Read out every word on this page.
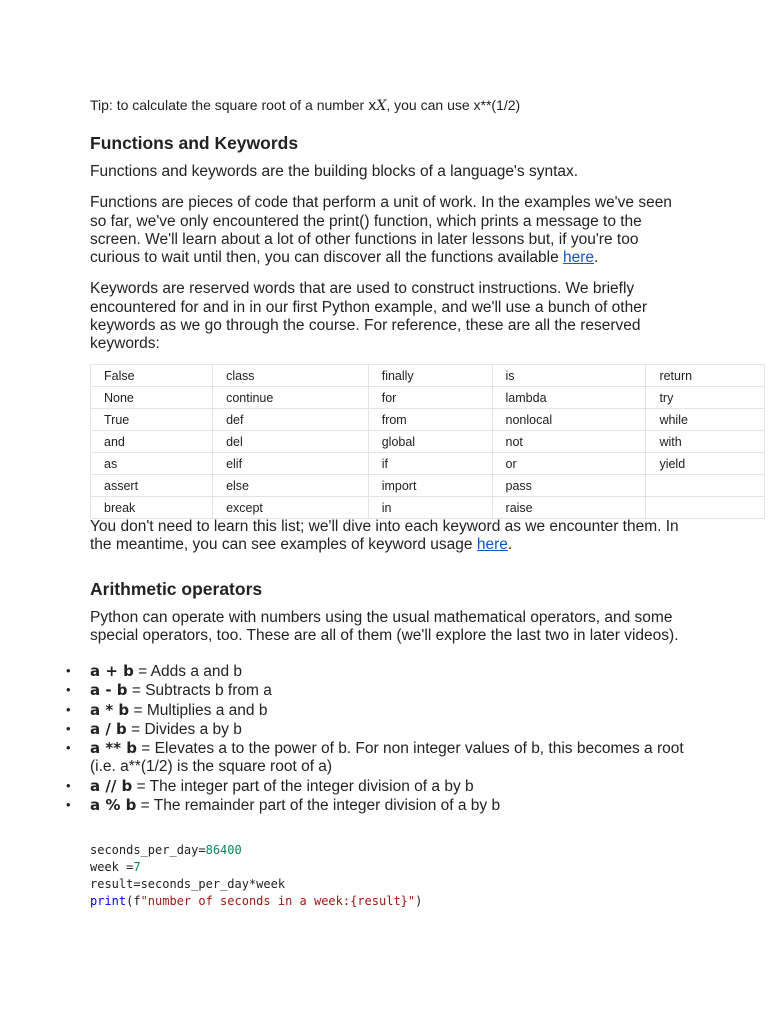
Tip: to calculate the square root of a number xX, you can use x**(1/2)

Functions and Keywords

Functions and keywords are the building blocks of a language's syntax.

Functions are pieces of code that perform a unit of work. In the examples we've seen so far, we've only encountered the print() function, which prints a message to the screen. We'll learn about a lot of other functions in later lessons but, if you're too curious to wait until then, you can discover all the functions available here.

Keywords are reserved words that are used to construct instructions. We briefly encountered for and in in our first Python example, and we'll use a bunch of other keywords as we go through the course. For reference, these are all the reserved keywords:

False	class	finally	is	return
None	continue	for	lambda	try
True	def	from	nonlocal	while
and	del	global	not	with
as	elif	if	or	yield
assert	else	import	pass	
break	except	in	raise	

You don't need to learn this list; we'll dive into each keyword as we encounter them. In the meantime, you can see examples of keyword usage here.

Arithmetic operators

Python can operate with numbers using the usual mathematical operators, and some special operators, too. These are all of them (we'll explore the last two in later videos).

• a + b = Adds a and b
• a - b = Subtracts b from a
• a * b = Multiplies a and b
• a / b = Divides a by b
• a ** b = Elevates a to the power of b. For non integer values of b, this becomes a root (i.e. a**(1/2) is the square root of a)
• a // b = The integer part of the integer division of a by b
• a % b = The remainder part of the integer division of a by b
seconds_per_day=86400
week =7
result=seconds_per_day*week
print(f"number of seconds in a week:{result}")
